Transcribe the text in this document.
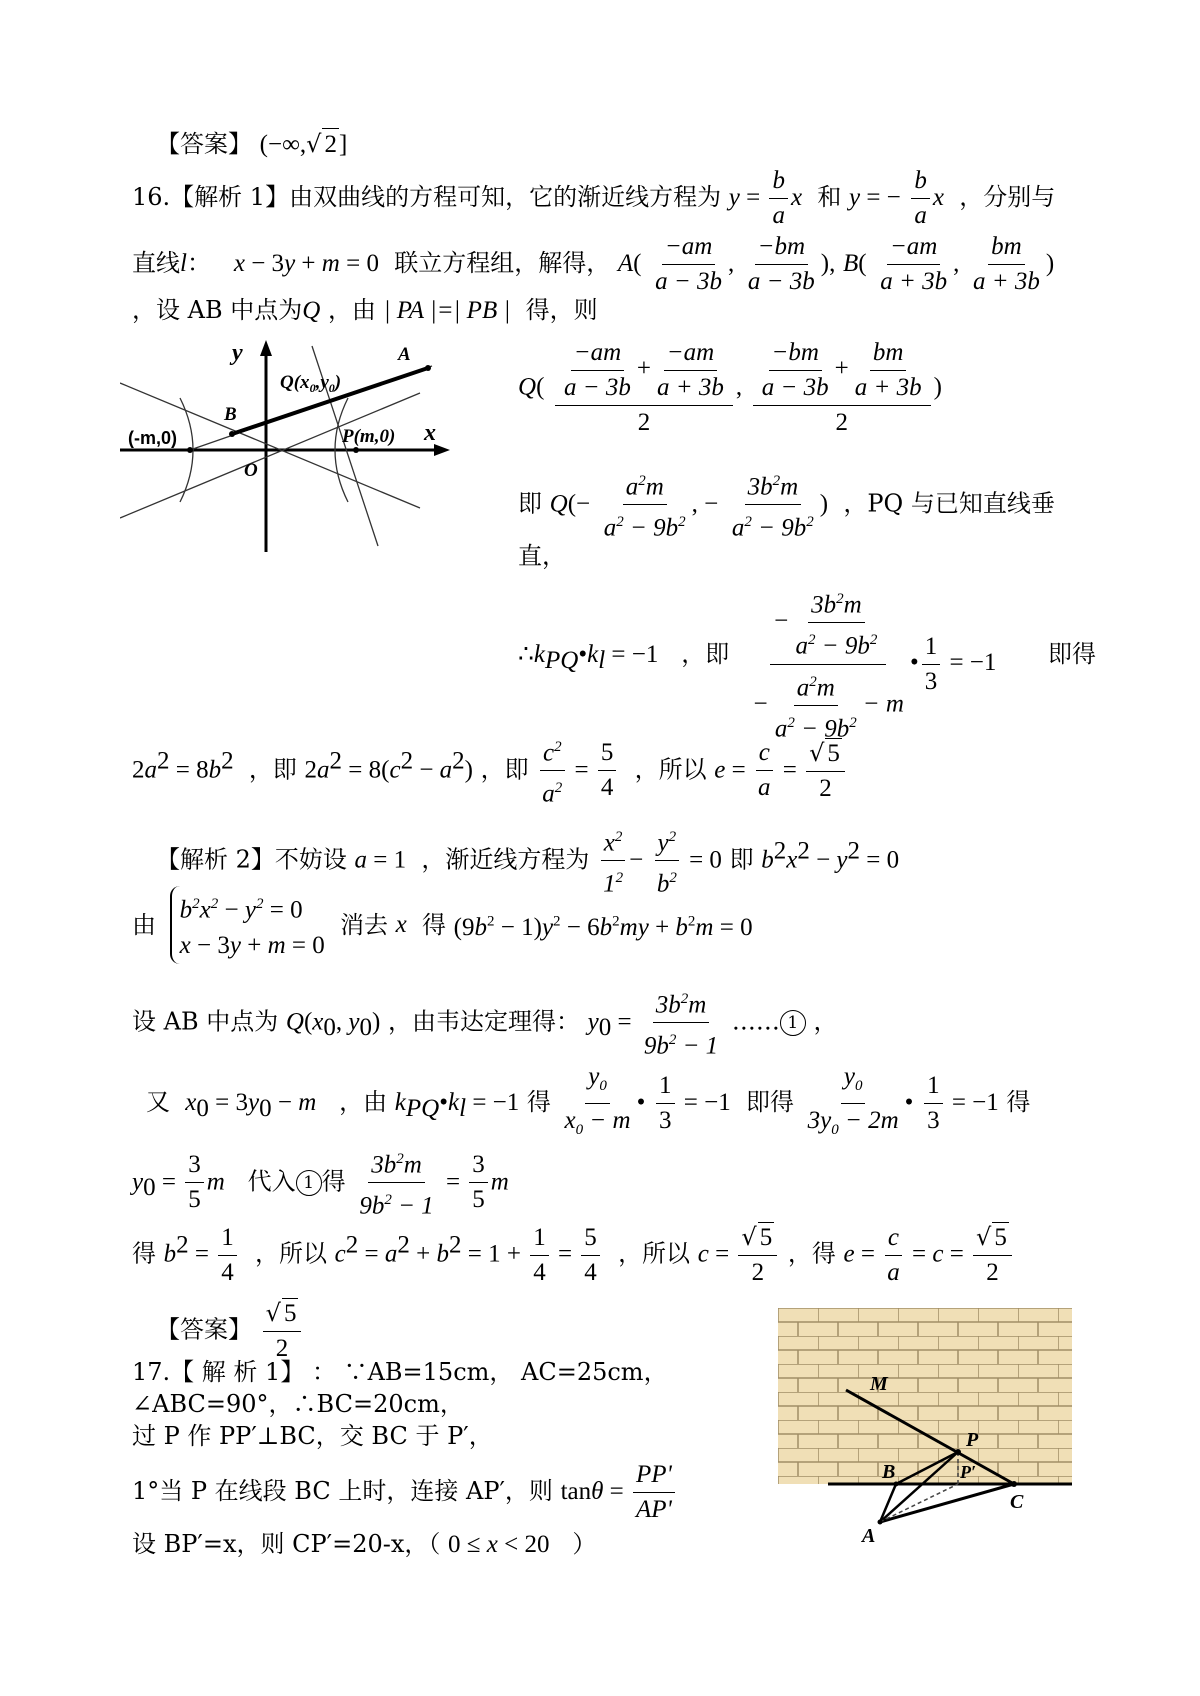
【答案】 (−∞,√ 2]
16.【解析 1】由双曲线的方程可知，它的渐近线方程为 $y = \frac{b}{a}$ x 和 y = − $\frac{b}{a}$ x ，分别与
直线l：   x − 3y + m = 0 联立方程组，解得， $A( \frac{-am}{a - 3b}$ , $\frac{-bm}{a - 3b}$ ), $B( \frac{-am}{a + 3b}$ , $\frac{bm}{a + 3b}$ )
，设 AB 中点为Q ，由 | PA |=| PB | 得，则
y
x
A
B
O
(-m,0)	P(m,0)
$Q(x_0,y_0)$	$Q( \frac{\frac{-am}{a - 3b} + \frac{-am}{a + 3b}}{2}$ , $\frac{\frac{-bm}{a - 3b} + \frac{bm}{a + 3b}}{2}$ )
即 $Q(- \frac{a^2m}{a^2 - 9b^2}$ , − $\frac{3b^2m}{a^2 - 9b^2}$ ) ，PQ 与已知直线垂
直，
$\therefore k_{PQ}•k_l = -1$ ，即 $\frac{- \frac{3b^2m}{a^2 - 9b^2}}{- \frac{a^2m}{a^2 - 9b^2} - m}$ • $\frac{1}{3} = -1$ 即得
$2a^2 = 8b^2$ ，即 $2a^2 = 8(c^2 - a^2)$ ，即 $\frac{c^2}{a^2} = \frac{5}{4}$ ，所以 $e = \frac{c}{a} = \frac{√ 5}{2}$
【解析 2】不妨设 a = 1 ，渐近线方程为 $\frac{x^2}{1^2} - \frac{y^2}{b^2} = 0$ 即 $b^2x^2 - y^2 = 0$
由
$b^2x^2 - y^2 = 0$
x − 3y + m = 0
消去 x 得 $(9b^2 - 1)y^2 - 6b^2my + b^2m = 0$
设 AB 中点为 $Q(x_0$, $y_0$) ，由韦达定理得： $y_0 = \frac{3b^2m}{9b^2 - 1}$ …… 1 ，
又 $x_0 = 3y_0 - m$ ，由 $k_{PQ}•k_l = -1$ 得 $\frac{y_0}{x_0 - m}$ • $\frac{1}{3} = -1$ 即得 $\frac{y_0}{3y_0 - 2m}$ • $\frac{1}{3} = -1$ 得
$y_0 = \frac{3}{5}$ m 代入 1 得 $\frac{3b^2m}{9b^2 - 1} = \frac{3}{5}$ m
得 $b^2 = \frac{1}{4}$ ，所以 $c^2 = a^2 + b^2 = 1 + \frac{1}{4} = \frac{5}{4}$ ，所以 $c = \frac{√ 5}{2}$ ，得 $e = \frac{c}{a} = c = \frac{√ 5}{2}$
【答案】 $\frac{√ 5}{2}$
17.【 解 析 1】 ： ∵AB=15cm， AC=25cm，
∠ABC=90°，∴BC=20cm，
过 P 作 PP′⊥BC，交 BC 于 P′，
1°当 P 在线段 BC 上时，连接 AP′，则 $\tan\theta = \frac{PP'}{AP'}$
设 BP′=x，则 CP′=20-x，（ 0 ≤ x < 20 ）
M
P
B	P′
C
A
